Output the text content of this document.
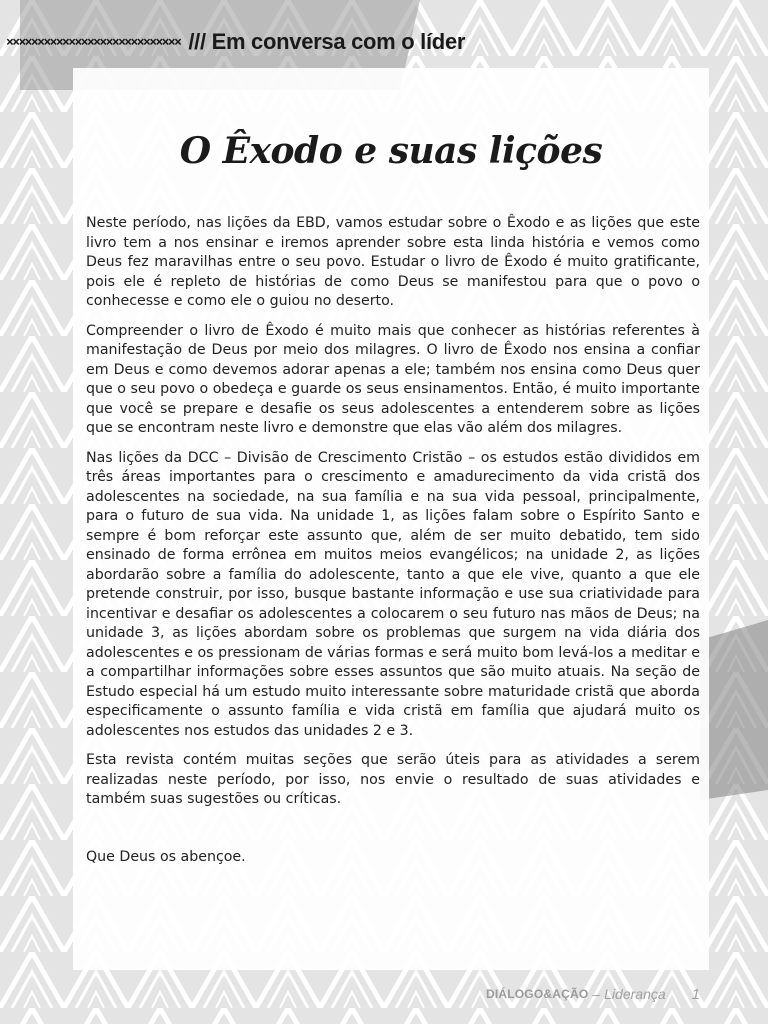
×××××××××××××××××××××××××××× /// Em conversa com o líder
O Êxodo e suas lições

Neste período, nas lições da EBD, vamos estudar sobre o Êxodo e as lições que este livro tem a nos ensinar e iremos aprender sobre esta linda história e vemos como Deus fez maravilhas entre o seu povo. Estudar o livro de Êxodo é muito gratificante, pois ele é repleto de histórias de como Deus se manifestou para que o povo o conhecesse e como ele o guiou no deserto.

Compreender o livro de Êxodo é muito mais que conhecer as histórias referentes à manifestação de Deus por meio dos milagres. O livro de Êxodo nos ensina a confiar em Deus e como devemos adorar apenas a ele; também nos ensina como Deus quer que o seu povo o obedeça e guarde os seus ensinamentos. Então, é muito importante que você se prepare e desafie os seus adolescentes a entenderem sobre as lições que se encontram neste livro e demonstre que elas vão além dos milagres.

Nas lições da DCC – Divisão de Crescimento Cristão – os estudos estão divididos em três áreas importantes para o crescimento e amadurecimento da vida cristã dos adolescentes na sociedade, na sua família e na sua vida pessoal, principalmente, para o futuro de sua vida. Na unidade 1, as lições falam sobre o Espírito Santo e sempre é bom reforçar este assunto que, além de ser muito debatido, tem sido ensinado de forma errônea em muitos meios evangélicos; na unidade 2, as lições abordarão sobre a família do adolescente, tanto a que ele vive, quanto a que ele pretende construir, por isso, busque bastante informação e use sua criatividade para incentivar e desafiar os adolescentes a colocarem o seu futuro nas mãos de Deus; na unidade 3, as lições abordam sobre os problemas que surgem na vida diária dos adolescentes e os pressionam de várias formas e será muito bom levá-los a meditar e a compartilhar informações sobre esses assuntos que são muito atuais. Na seção de Estudo especial há um estudo muito interessante sobre maturidade cristã que aborda especificamente o assunto família e vida cristã em família que ajudará muito os adolescentes nos estudos das unidades 2 e 3.

Esta revista contém muitas seções que serão úteis para as atividades a serem realizadas neste período, por isso, nos envie o resultado de suas atividades e também suas sugestões ou críticas.

Que Deus os abençoe.

DIÁLOGO&AÇÃO – Liderança 1
